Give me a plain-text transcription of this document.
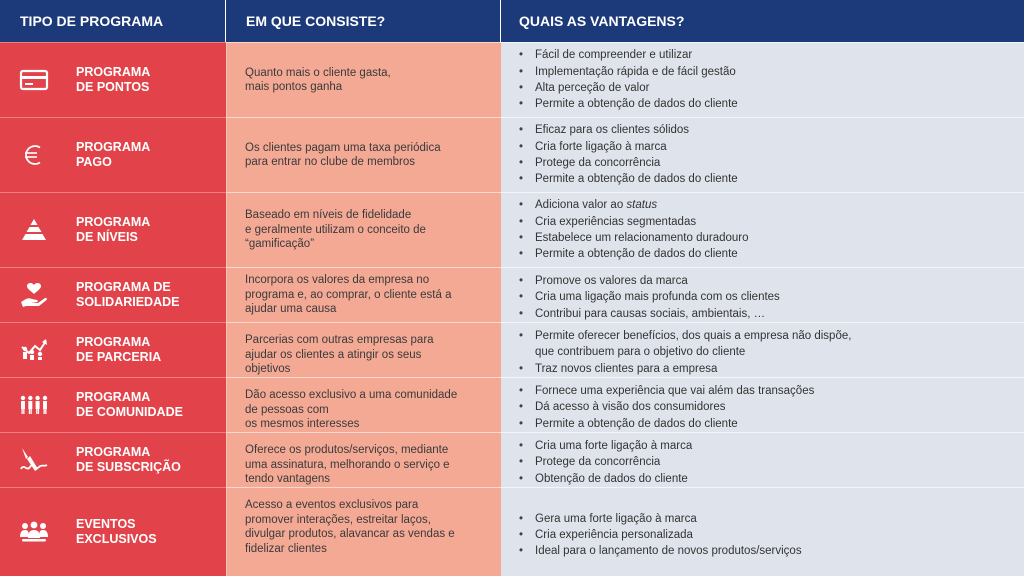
TIPO DE PROGRAMA	EM QUE CONSISTE?	QUAIS AS VANTAGENS?
PROGRAMA
DE PONTOS
Quanto mais o cliente gasta,
mais pontos ganha
• Fácil de compreender e utilizar
• Implementação rápida e de fácil gestão
• Alta perceção de valor
• Permite a obtenção de dados do cliente
PROGRAMA
PAGO
Os clientes pagam uma taxa periódica
para entrar no clube de membros
• Eficaz para os clientes sólidos
• Cria forte ligação à marca
• Protege da concorrência
• Permite a obtenção de dados do cliente
PROGRAMA
DE NÍVEIS
Baseado em níveis de fidelidade
e geralmente utilizam o conceito de
“gamificação”
• Adiciona valor ao status
• Cria experiências segmentadas
• Estabelece um relacionamento duradouro
• Permite a obtenção de dados do cliente
PROGRAMA DE
SOLIDARIEDADE
Incorpora os valores da empresa no
programa e, ao comprar, o cliente está a
ajudar uma causa
• Promove os valores da marca
• Cria uma ligação mais profunda com os clientes
• Contribui para causas sociais, ambientais, …
PROGRAMA
DE PARCERIA
Parcerias com outras empresas para
ajudar os clientes a atingir os seus
objetivos
• Permite oferecer benefícios, dos quais a empresa não dispõe,
que contribuem para o objetivo do cliente
• Traz novos clientes para a empresa
PROGRAMA
DE COMUNIDADE
Dão acesso exclusivo a uma comunidade
de pessoas com
os mesmos interesses
• Fornece uma experiência que vai além das transações
• Dá acesso à visão dos consumidores
• Permite a obtenção de dados do cliente
PROGRAMA
DE SUBSCRIÇÃO
Oferece os produtos/serviços, mediante
uma assinatura, melhorando o serviço e
tendo vantagens
• Cria uma forte ligação à marca
• Protege da concorrência
• Obtenção de dados do cliente
EVENTOS
EXCLUSIVOS
Acesso a eventos exclusivos para
promover interações, estreitar laços,
divulgar produtos, alavancar as vendas e
fidelizar clientes
• Gera uma forte ligação à marca
• Cria experiência personalizada
• Ideal para o lançamento de novos produtos/serviços
